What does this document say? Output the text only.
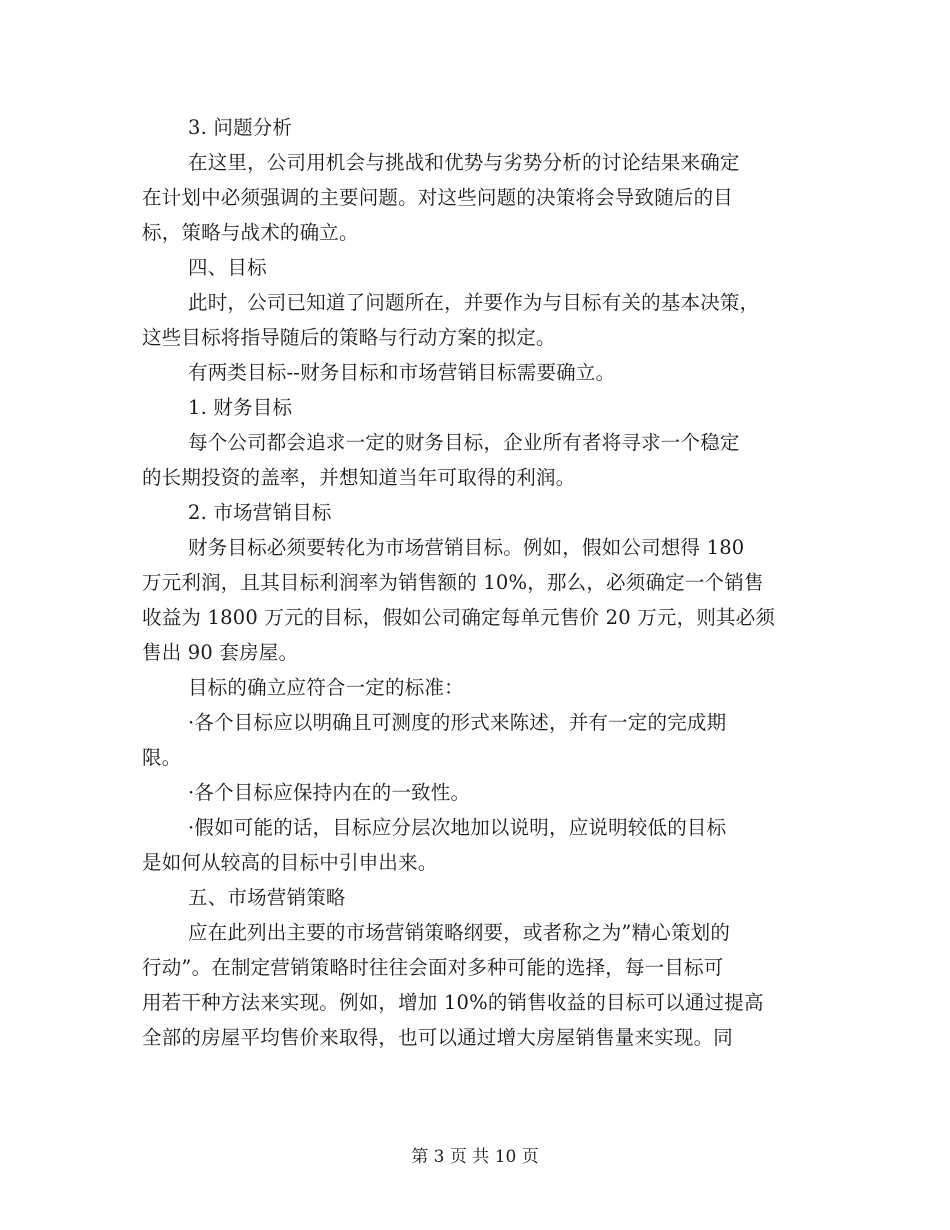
3. 问题分析
在这里，公司用机会与挑战和优势与劣势分析的讨论结果来确定
在计划中必须强调的主要问题。对这些问题的决策将会导致随后的目
标，策略与战术的确立。
四、目标
此时，公司已知道了问题所在，并要作为与目标有关的基本决策，
这些目标将指导随后的策略与行动方案的拟定。
有两类目标--财务目标和市场营销目标需要确立。
1. 财务目标
每个公司都会追求一定的财务目标，企业所有者将寻求一个稳定
的长期投资的盖率，并想知道当年可取得的利润。
2. 市场营销目标
财务目标必须要转化为市场营销目标。例如，假如公司想得 180
万元利润，且其目标利润率为销售额的 10%，那么，必须确定一个销售
收益为 1800 万元的目标，假如公司确定每单元售价 20 万元，则其必须
售出 90 套房屋。
目标的确立应符合一定的标准：
·各个目标应以明确且可测度的形式来陈述，并有一定的完成期
限。
·各个目标应保持内在的一致性。
·假如可能的话，目标应分层次地加以说明，应说明较低的目标
是如何从较高的目标中引申出来。
五、市场营销策略
应在此列出主要的市场营销策略纲要，或者称之为”精心策划的
行动”。在制定营销策略时往往会面对多种可能的选择，每一目标可
用若干种方法来实现。例如，增加 10%的销售收益的目标可以通过提高
全部的房屋平均售价来取得，也可以通过增大房屋销售量来实现。同
第 3 页 共 10 页
